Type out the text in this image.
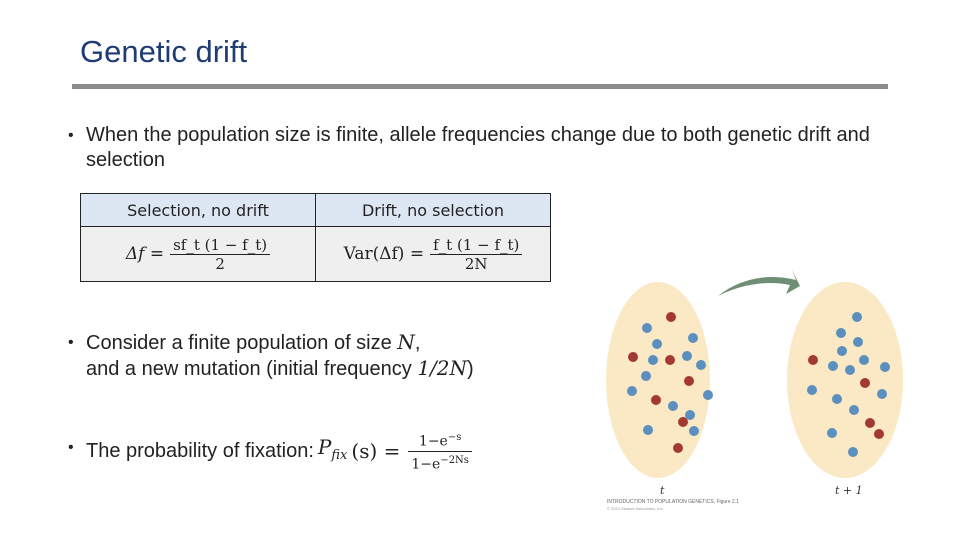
Genetic drift
• When the population size is finite, allele frequencies change due to both genetic drift and selection
Selection, no drift	Drift, no selection

$\Delta f = \frac{sf\_t (1 - f\_t)}{2}$	$Var(\Delta f) = \frac{f\_t (1 - f\_t)}{2N}$
• Consider a finite population of size N,
and a new mutation (initial frequency 1/2N)
• The probability of fixation: $P_{fix}$ $(s) = \frac{1-e^{-s}}{1-e^{-2Ns}}$
t	t + 1
INTRODUCTION TO POPULATION GENETICS, Figure 2.1
© 2013 Sinauer Associates, Inc.
